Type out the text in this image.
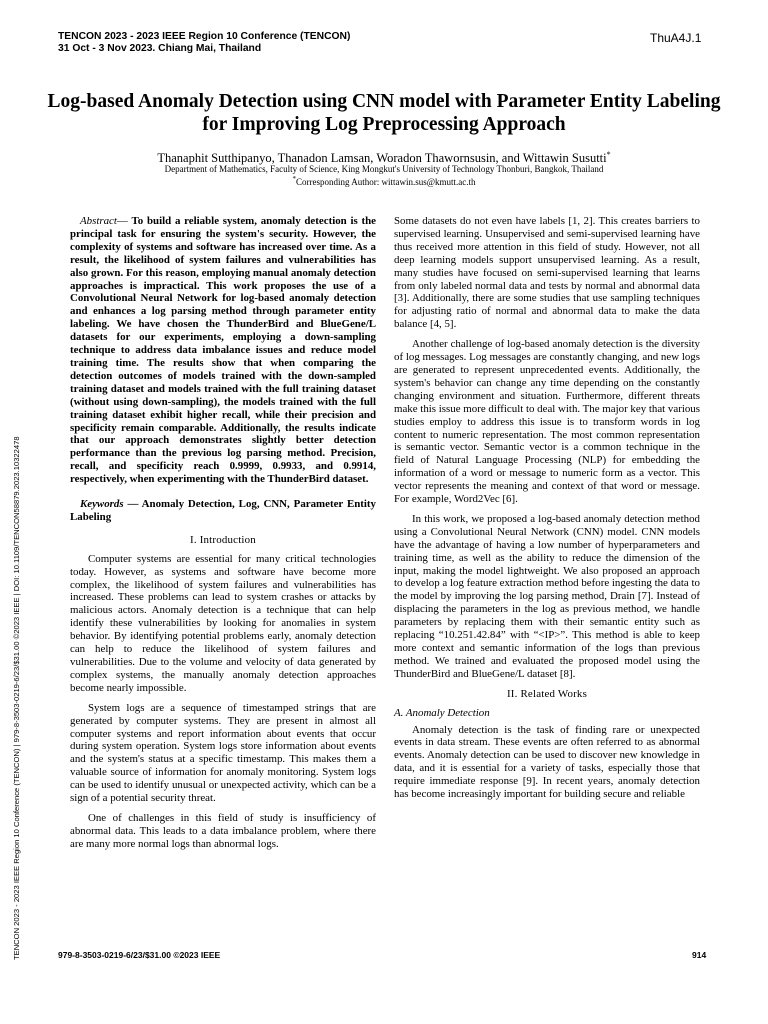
TENCON 2023 - 2023 IEEE Region 10 Conference (TENCON)
31 Oct - 3 Nov 2023. Chiang Mai, Thailand
ThuA4J.1
Log-based Anomaly Detection using CNN model with Parameter Entity Labeling for Improving Log Preprocessing Approach
Thanaphit Sutthipanyo, Thanadon Lamsan, Woradon Thawornsusin, and Wittawin Susutti*
Department of Mathematics, Faculty of Science, King Mongkut's University of Technology Thonburi, Bangkok, Thailand
*Corresponding Author: wittawin.sus@kmutt.ac.th

Abstract— To build a reliable system, anomaly detection is the principal task for ensuring the system's security. However, the complexity of systems and software has increased over time. As a result, the likelihood of system failures and vulnerabilities has also grown. For this reason, employing manual anomaly detection approaches is impractical. This work proposes the use of a Convolutional Neural Network for log-based anomaly detection and enhances a log parsing method through parameter entity labeling. We have chosen the ThunderBird and BlueGene/L datasets for our experiments, employing a down-sampling technique to address data imbalance issues and reduce model training time. The results show that when comparing the detection outcomes of models trained with the down-sampled training dataset and models trained with the full training dataset (without using down-sampling), the models trained with the full training dataset exhibit higher recall, while their precision and specificity remain comparable. Additionally, the results indicate that our approach demonstrates slightly better detection performance than the previous log parsing method. Precision, recall, and specificity reach 0.9999, 0.9933, and 0.9914, respectively, when experimenting with the ThunderBird dataset.

Keywords — Anomaly Detection, Log, CNN, Parameter Entity Labeling

I. Introduction

Computer systems are essential for many critical technologies today. However, as systems and software have become more complex, the likelihood of system failures and vulnerabilities has increased. These problems can lead to system crashes or attacks by malicious actors. Anomaly detection is a technique that can help identify these vulnerabilities by looking for anomalies in system behavior. By identifying potential problems early, anomaly detection can help to reduce the likelihood of system failures and vulnerabilities. Due to the volume and velocity of data generated by complex systems, the manually anomaly detection approaches become nearly impossible.

System logs are a sequence of timestamped strings that are generated by computer systems. They are present in almost all computer systems and report information about events that occur during system operation. System logs store information about events and the system's status at a specific timestamp. This makes them a valuable source of information for anomaly monitoring. System logs can be used to identify unusual or unexpected activity, which can be a sign of a potential security threat.

One of challenges in this field of study is insufficiency of abnormal data. This leads to a data imbalance problem, where there are many more normal logs than abnormal logs.

Some datasets do not even have labels [1, 2]. This creates barriers to supervised learning. Unsupervised and semi-supervised learning have thus received more attention in this field of study. However, not all deep learning models support unsupervised learning. As a result, many studies have focused on semi-supervised learning that learns from only labeled normal data and tests by normal and abnormal data [3]. Additionally, there are some studies that use sampling techniques for adjusting ratio of normal and abnormal data to make the data balance [4, 5].

Another challenge of log-based anomaly detection is the diversity of log messages. Log messages are constantly changing, and new logs are generated to represent unprecedented events. Additionally, the system's behavior can change any time depending on the constantly changing environment and situation. Furthermore, different threats make this issue more difficult to deal with. The major key that various studies employ to address this issue is to transform words in log content to numeric representation. The most common representation is semantic vector. Semantic vector is a common technique in the field of Natural Language Processing (NLP) for embedding the information of a word or message to numeric form as a vector. This vector represents the meaning and context of that word or message. For example, Word2Vec [6].

In this work, we proposed a log-based anomaly detection method using a Convolutional Neural Network (CNN) model. CNN models have the advantage of having a low number of hyperparameters and training time, as well as the ability to reduce the dimension of the input, making the model lightweight. We also proposed an approach to develop a log feature extraction method before ingesting the data to the model by improving the log parsing method, Drain [7]. Instead of displacing the parameters in the log as previous method, we handle parameters by replacing them with their semantic entity such as replacing “10.251.42.84” with “<IP>”. This method is able to keep more context and semantic information of the logs than previous method. We trained and evaluated the proposed model using the ThunderBird and BlueGene/L dataset [8].

II. Related Works
A. Anomaly Detection

Anomaly detection is the task of finding rare or unexpected events in data stream. These events are often referred to as abnormal events. Anomaly detection can be used to discover new knowledge in data, and it is essential for a variety of tasks, especially those that require immediate response [9]. In recent years, anomaly detection has become increasingly important for building secure and reliable

TENCON 2023 - 2023 IEEE Region 10 Conference (TENCON) | 979-8-3503-0219-6/23/$31.00 ©2023 IEEE | DOI: 10.1109/TENCON58879.2023.10322478	979-8-3503-0219-6/23/$31.00 ©2023 IEEE	914
